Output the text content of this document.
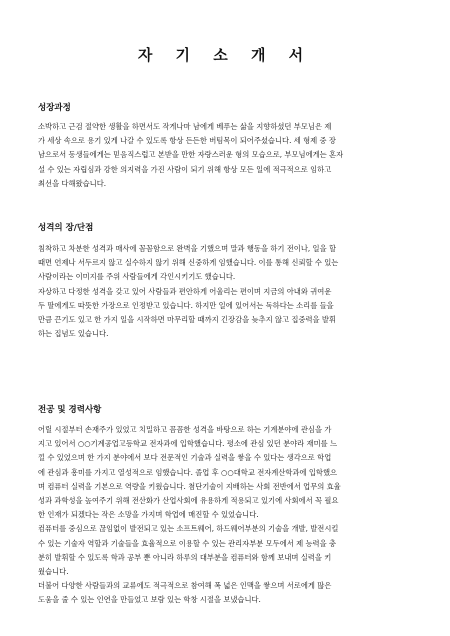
자 기 소 개 서
성장과정
소박하고 근검 절약한 생활을 하면서도 작게나마 남에게 베푸는 삶을 지향하셨던 부모님은 제
가 세상 속으로 용기 있게 나갈 수 있도록 항상 든든한 버팀목이 되어주셨습니다. 세 형제 중 장
남으로서 동생들에게는 믿음직스럽고 본받을 만한 자랑스러운 형의 모습으로, 부모님에게는 혼자
설 수 있는 자립심과 강한 의지력을 가진 사람이 되기 위해 항상 모든 일에 적극적으로 임하고
최선을 다해왔습니다.
성격의 장/단점
침착하고 차분한 성격과 매사에 꼼꼼함으로 완벽을 기했으며 말과 행동을 하기 전이나, 일을 할
때면 언제나 서두르지 않고 실수하지 않기 위해 신중하게 임했습니다. 이를 통해 신뢰할 수 있는
사람이라는 이미지를 주위 사람들에게 각인시키기도 했습니다.
자상하고 다정한 성격을 갖고 있어 사람들과 편안하게 어울리는 편이며 지금의 아내와 귀여운
두 딸에게도 따뜻한 가장으로 인정받고 있습니다. 하지만 일에 있어서는 독하다는 소리를 들을
만큼 끈기도 있고 한 가지 일을 시작하면 마무리할 때까지 긴장감을 늦추지 않고 집중력을 발휘
하는 집념도 있습니다.
전공 및 경력사항
어릴 시절부터 손재주가 있었고 치밀하고 꼼꼼한 성격을 바탕으로 하는 기계분야에 관심을 가
지고 있어서 ○○기계공업고등학교 전자과에 입학했습니다. 평소에 관심 있던 분야라 재미를 느
낄 수 있었으며 한 가지 분야에서 보다 전문적인 기술과 실력을 쌓을 수 있다는 생각으로 학업
에 관심과 흥미를 가지고 열성적으로 임했습니다. 졸업 후 ○○대학교 전자계산학과에 입학했으
며 컴퓨터 실력을 기본으로 역량을 키웠습니다. 첨단기술이 지배하는 사회 전반에서 업무의 효율
성과 과학성을 높여주기 위해 전산화가 산업사회에 유용하게 적용되고 있기에 사회에서 꼭 필요
한 인재가 되겠다는 작은 소망을 가지며 학업에 매진할 수 있었습니다.
컴퓨터를 중심으로 끊임없이 발전되고 있는 소프트웨어, 하드웨어부분의 기술을 개발, 발전시킬
수 있는 기술자 역할과 기술들을 효율적으로 이용할 수 있는 관리자부분 모두에서 제 능력을 충
분히 발휘할 수 있도록 학과 공부 뿐 아니라 하루의 대부분을 컴퓨터와 함께 보내며 실력을 키
웠습니다.
더불어 다양한 사람들과의 교류에도 적극적으로 참여해 폭 넓은 인맥을 쌓으며 서로에게 많은
도움을 줄 수 있는 인연을 만들었고 보람 있는 학창 시절을 보냈습니다.
